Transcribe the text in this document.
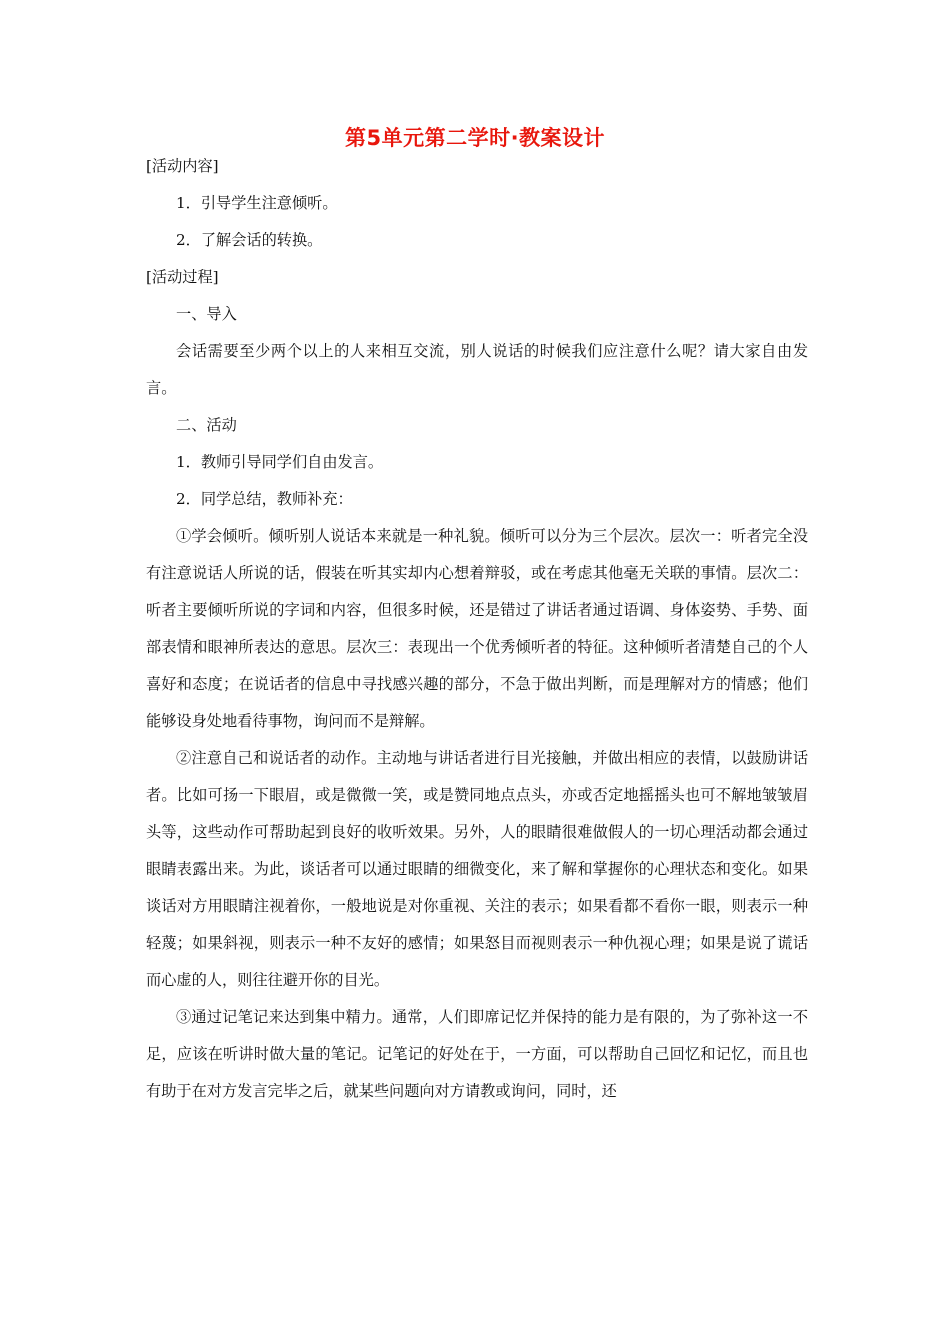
第5单元第二学时·教案设计

[活动内容]

1．引导学生注意倾听。

2．了解会话的转换。

[活动过程]

一、导入

会话需要至少两个以上的人来相互交流，别人说话的时候我们应注意什么呢？请大家自由发言。

二、活动

1．教师引导同学们自由发言。

2．同学总结，教师补充：

①学会倾听。倾听别人说话本来就是一种礼貌。倾听可以分为三个层次。层次一：听者完全没有注意说话人所说的话，假装在听其实却内心想着辩驳，或在考虑其他毫无关联的事情。层次二：听者主要倾听所说的字词和内容，但很多时候，还是错过了讲话者通过语调、身体姿势、手势、面部表情和眼神所表达的意思。层次三：表现出一个优秀倾听者的特征。这种倾听者清楚自己的个人喜好和态度；在说话者的信息中寻找感兴趣的部分，不急于做出判断，而是理解对方的情感；他们能够设身处地看待事物，询问而不是辩解。

②注意自己和说话者的动作。主动地与讲话者进行目光接触，并做出相应的表情，以鼓励讲话者。比如可扬一下眼眉，或是微微一笑，或是赞同地点点头，亦或否定地摇摇头也可不解地皱皱眉头等，这些动作可帮助起到良好的收听效果。另外，人的眼睛很难做假人的一切心理活动都会通过眼睛表露出来。为此，谈话者可以通过眼睛的细微变化，来了解和掌握你的心理状态和变化。如果谈话对方用眼睛注视着你，一般地说是对你重视、关注的表示；如果看都不看你一眼，则表示一种轻蔑；如果斜视，则表示一种不友好的感情；如果怒目而视则表示一种仇视心理；如果是说了谎话而心虚的人，则往往避开你的目光。

③通过记笔记来达到集中精力。通常，人们即席记忆并保持的能力是有限的，为了弥补这一不足，应该在听讲时做大量的笔记。记笔记的好处在于，一方面，可以帮助自己回忆和记忆，而且也有助于在对方发言完毕之后，就某些问题向对方请教或询问，同时，还
